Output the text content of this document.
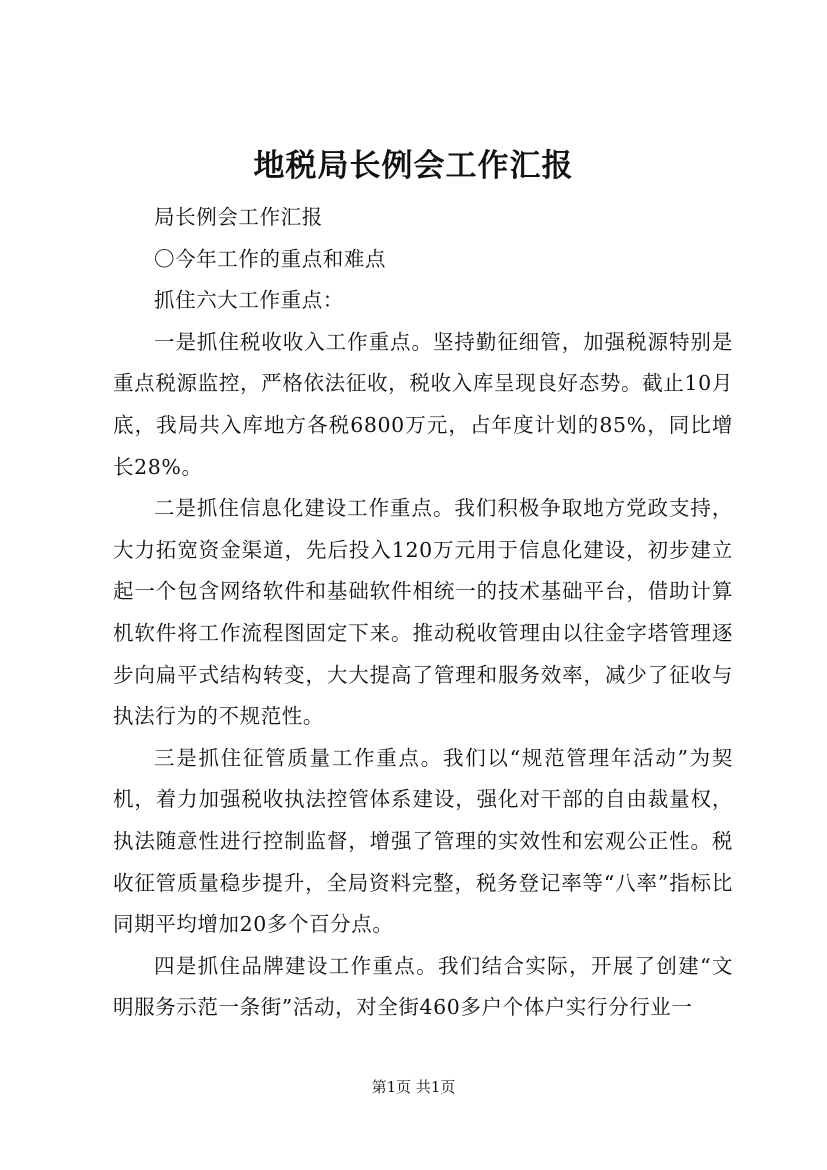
地税局长例会工作汇报

局长例会工作汇报

〇今年工作的重点和难点

抓住六大工作重点：

一是抓住税收收入工作重点。坚持勤征细管，加强税源特别是重点税源监控，严格依法征收，税收入库呈现良好态势。截止10月底，我局共入库地方各税6800万元，占年度计划的85%，同比增长28%。

二是抓住信息化建设工作重点。我们积极争取地方党政支持，大力拓宽资金渠道，先后投入120万元用于信息化建设，初步建立起一个包含网络软件和基础软件相统一的技术基础平台，借助计算机软件将工作流程图固定下来。推动税收管理由以往金字塔管理逐步向扁平式结构转变，大大提高了管理和服务效率，减少了征收与执法行为的不规范性。

三是抓住征管质量工作重点。我们以“规范管理年活动”为契机，着力加强税收执法控管体系建设，强化对干部的自由裁量权，执法随意性进行控制监督，增强了管理的实效性和宏观公正性。税收征管质量稳步提升，全局资料完整，税务登记率等“八率”指标比同期平均增加20多个百分点。

四是抓住品牌建设工作重点。我们结合实际，开展了创建“文明服务示范一条街”活动，对全街460多户个体户实行分行业一

第1页 共1页
